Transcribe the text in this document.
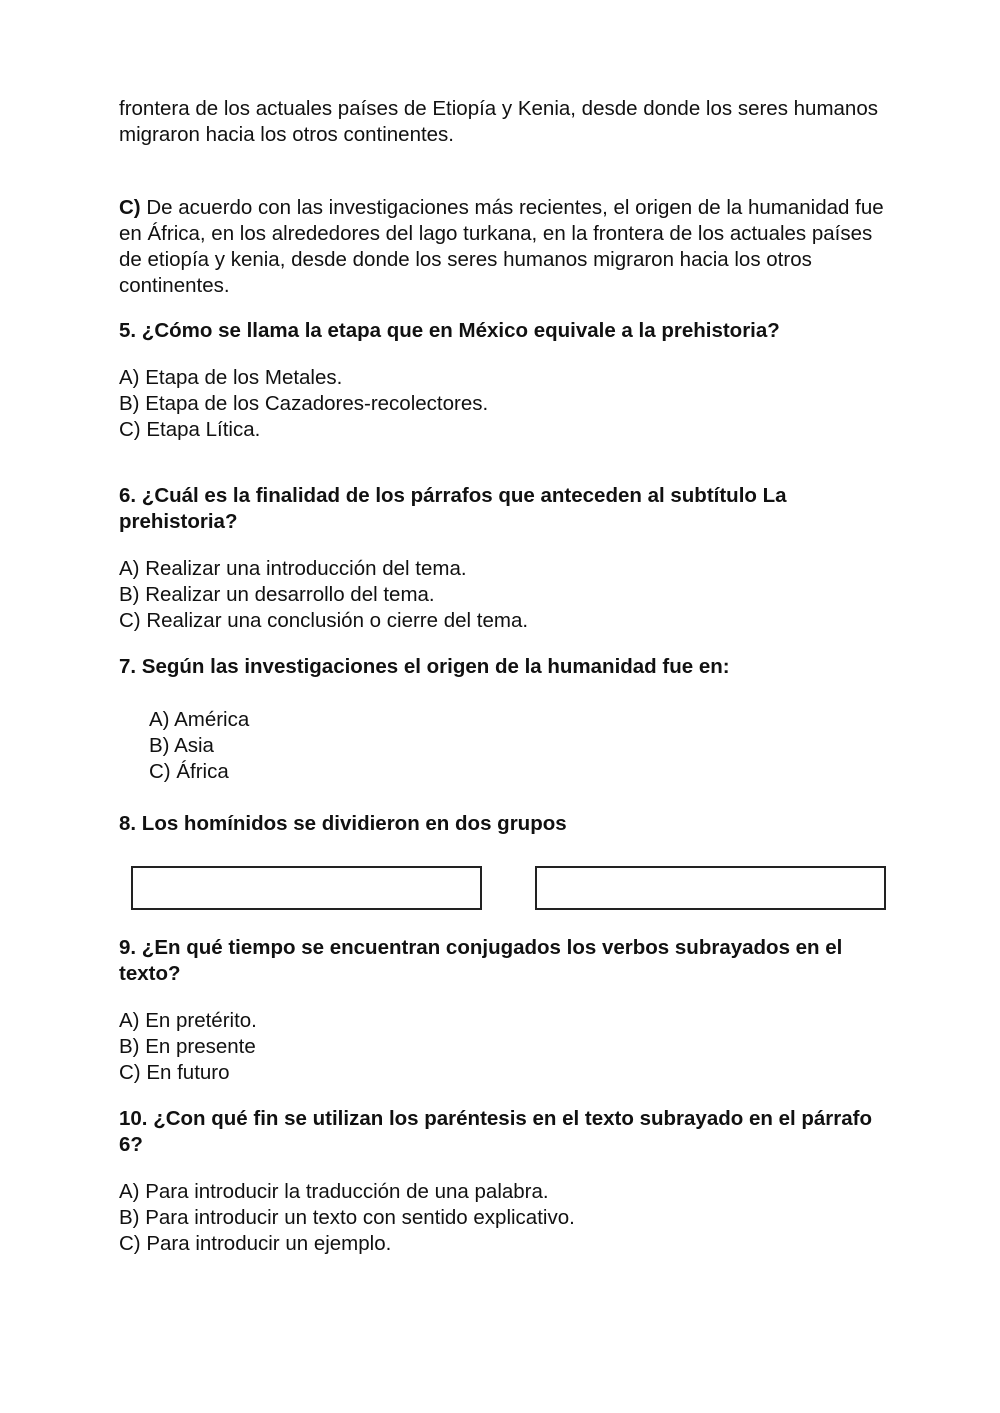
frontera de los actuales países de Etiopía y Kenia, desde donde los seres humanos migraron hacia los otros continentes.

C) De acuerdo con las investigaciones más recientes, el origen de la humanidad fue en África, en los alrededores del lago turkana, en la frontera de los actuales países de etiopía y kenia, desde donde los seres humanos migraron hacia los otros continentes.

5. ¿Cómo se llama la etapa que en México equivale a la prehistoria?

A) Etapa de los Metales.
B) Etapa de los Cazadores-recolectores.
C) Etapa Lítica.

6. ¿Cuál es la finalidad de los párrafos que anteceden al subtítulo La prehistoria?

A) Realizar una introducción del tema.
B) Realizar un desarrollo del tema.
C) Realizar una conclusión o cierre del tema.

7. Según las investigaciones el origen de la humanidad fue en:

A) América
B) Asia
C) África

8. Los homínidos se dividieron en dos grupos

9. ¿En qué tiempo se encuentran conjugados los verbos subrayados en el texto?

A) En pretérito.
B) En presente
C) En futuro

10. ¿Con qué fin se utilizan los paréntesis en el texto subrayado en el párrafo 6?

A) Para introducir la traducción de una palabra.
B) Para introducir un texto con sentido explicativo.
C) Para introducir un ejemplo.
